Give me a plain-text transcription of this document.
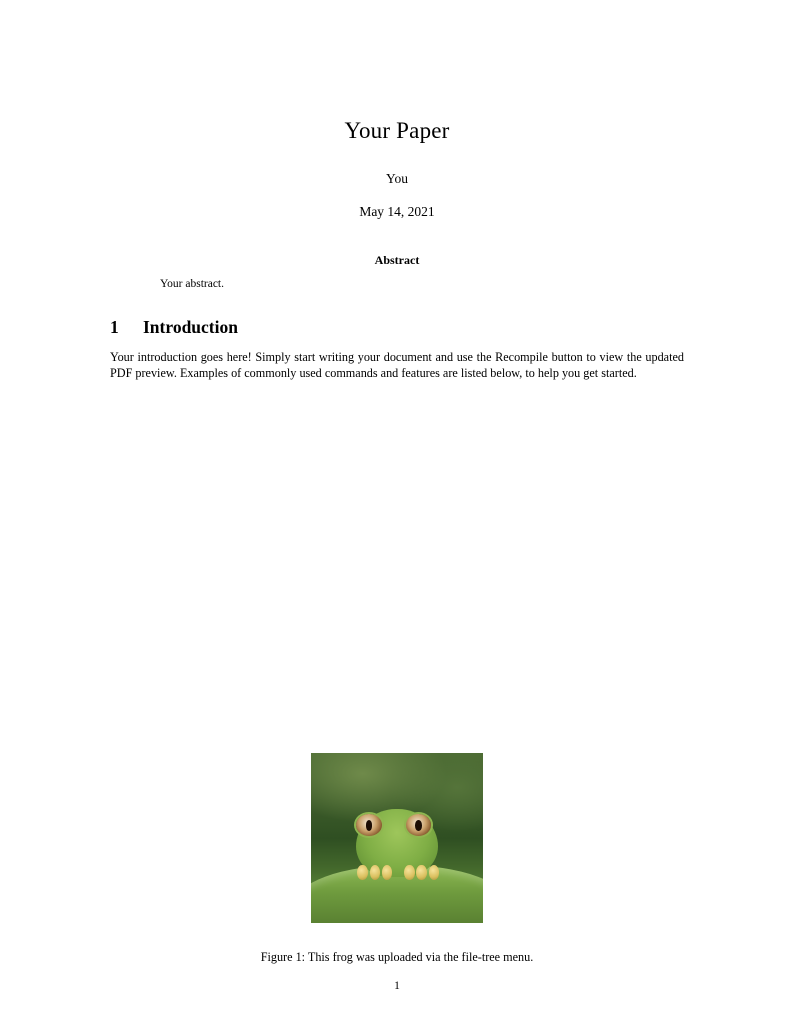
Your Paper
You
May 14, 2021
Abstract
Your abstract.
1	Introduction
Your introduction goes here! Simply start writing your document and use the Recompile button to view the updated PDF preview. Examples of commonly used commands and features are listed below, to help you get started.
Figure 1: This frog was uploaded via the file-tree menu.
1
